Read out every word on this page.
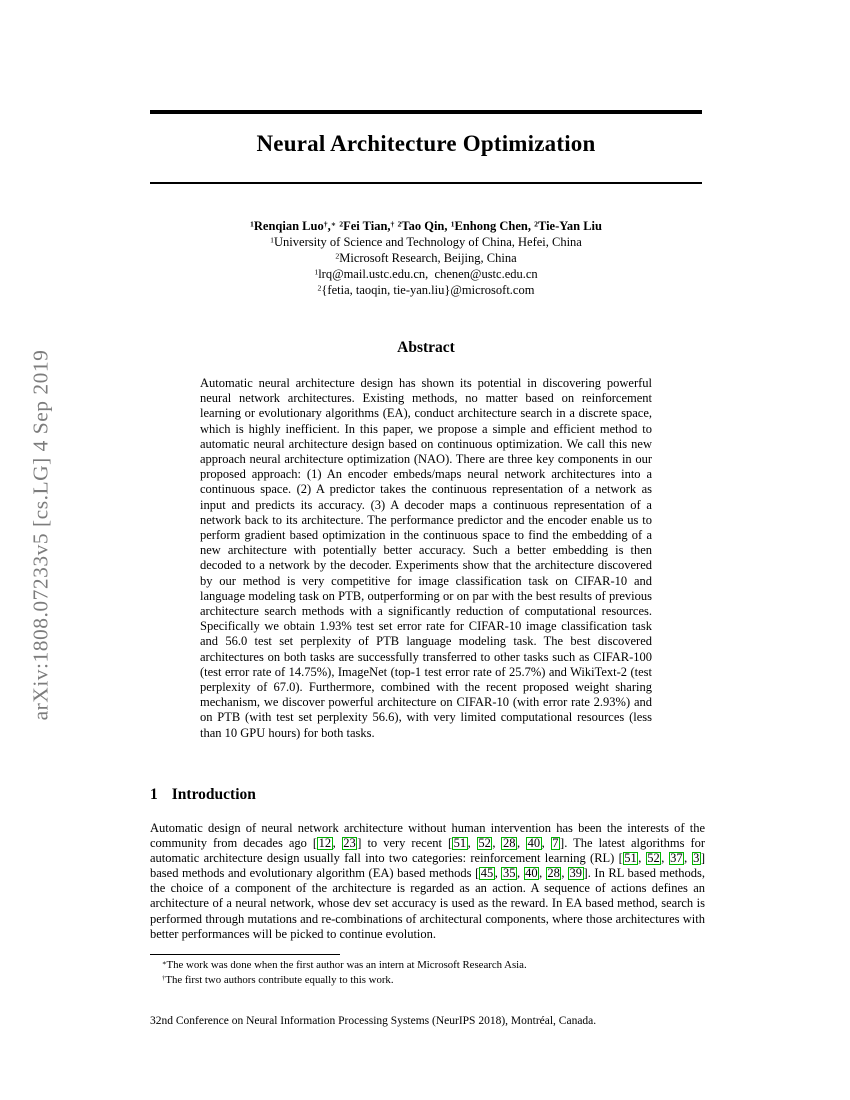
arXiv:1808.07233v5 [cs.LG] 4 Sep 2019
Neural Architecture Optimization
$^1$Renqian Luo†,∗ $^2$Fei Tian,† $^2$Tao Qin, $^1$Enhong Chen, $^2$Tie-Yan Liu
$^1$University of Science and Technology of China, Hefei, China
$^2$Microsoft Research, Beijing, China
$^1$lrq@mail.ustc.edu.cn,  chenen@ustc.edu.cn
$^2${fetia, taoqin, tie-yan.liu}@microsoft.com
Abstract
Automatic neural architecture design has shown its potential in discovering powerful neural network architectures. Existing methods, no matter based on reinforcement learning or evolutionary algorithms (EA), conduct architecture search in a discrete space, which is highly inefficient. In this paper, we propose a simple and efficient method to automatic neural architecture design based on continuous optimization. We call this new approach neural architecture optimization (NAO). There are three key components in our proposed approach: (1) An encoder embeds/maps neural network architectures into a continuous space. (2) A predictor takes the continuous representation of a network as input and predicts its accuracy. (3) A decoder maps a continuous representation of a network back to its architecture. The performance predictor and the encoder enable us to perform gradient based optimization in the continuous space to find the embedding of a new architecture with potentially better accuracy. Such a better embedding is then decoded to a network by the decoder. Experiments show that the architecture discovered by our method is very competitive for image classification task on CIFAR-10 and language modeling task on PTB, outperforming or on par with the best results of previous architecture search methods with a significantly reduction of computational resources. Specifically we obtain 1.93% test set error rate for CIFAR-10 image classification task and 56.0 test set perplexity of PTB language modeling task. The best discovered architectures on both tasks are successfully transferred to other tasks such as CIFAR-100 (test error rate of 14.75%), ImageNet (top-1 test error rate of 25.7%) and WikiText-2 (test perplexity of 67.0). Furthermore, combined with the recent proposed weight sharing mechanism, we discover powerful architecture on CIFAR-10 (with error rate 2.93%) and on PTB (with test set perplexity 56.6), with very limited computational resources (less than 10 GPU hours) for both tasks.
1 Introduction
Automatic design of neural network architecture without human intervention has been the interests of the community from decades ago [ 12 , 23 ] to very recent [ 51 , 52 , 28 , 40 , 7 ]. The latest algorithms for automatic architecture design usually fall into two categories: reinforcement learning (RL) [ 51 , 52 , 37 , 3 ] based methods and evolutionary algorithm (EA) based methods [ 45 , 35 , 40 , 28 , 39 ]. In RL based methods, the choice of a component of the architecture is regarded as an action. A sequence of actions defines an architecture of a neural network, whose dev set accuracy is used as the reward. In EA based method, search is performed through mutations and re-combinations of architectural components, where those architectures with better performances will be picked to continue evolution.
∗The work was done when the first author was an intern at Microsoft Research Asia.
†The first two authors contribute equally to this work.
32nd Conference on Neural Information Processing Systems (NeurIPS 2018), Montréal, Canada.
